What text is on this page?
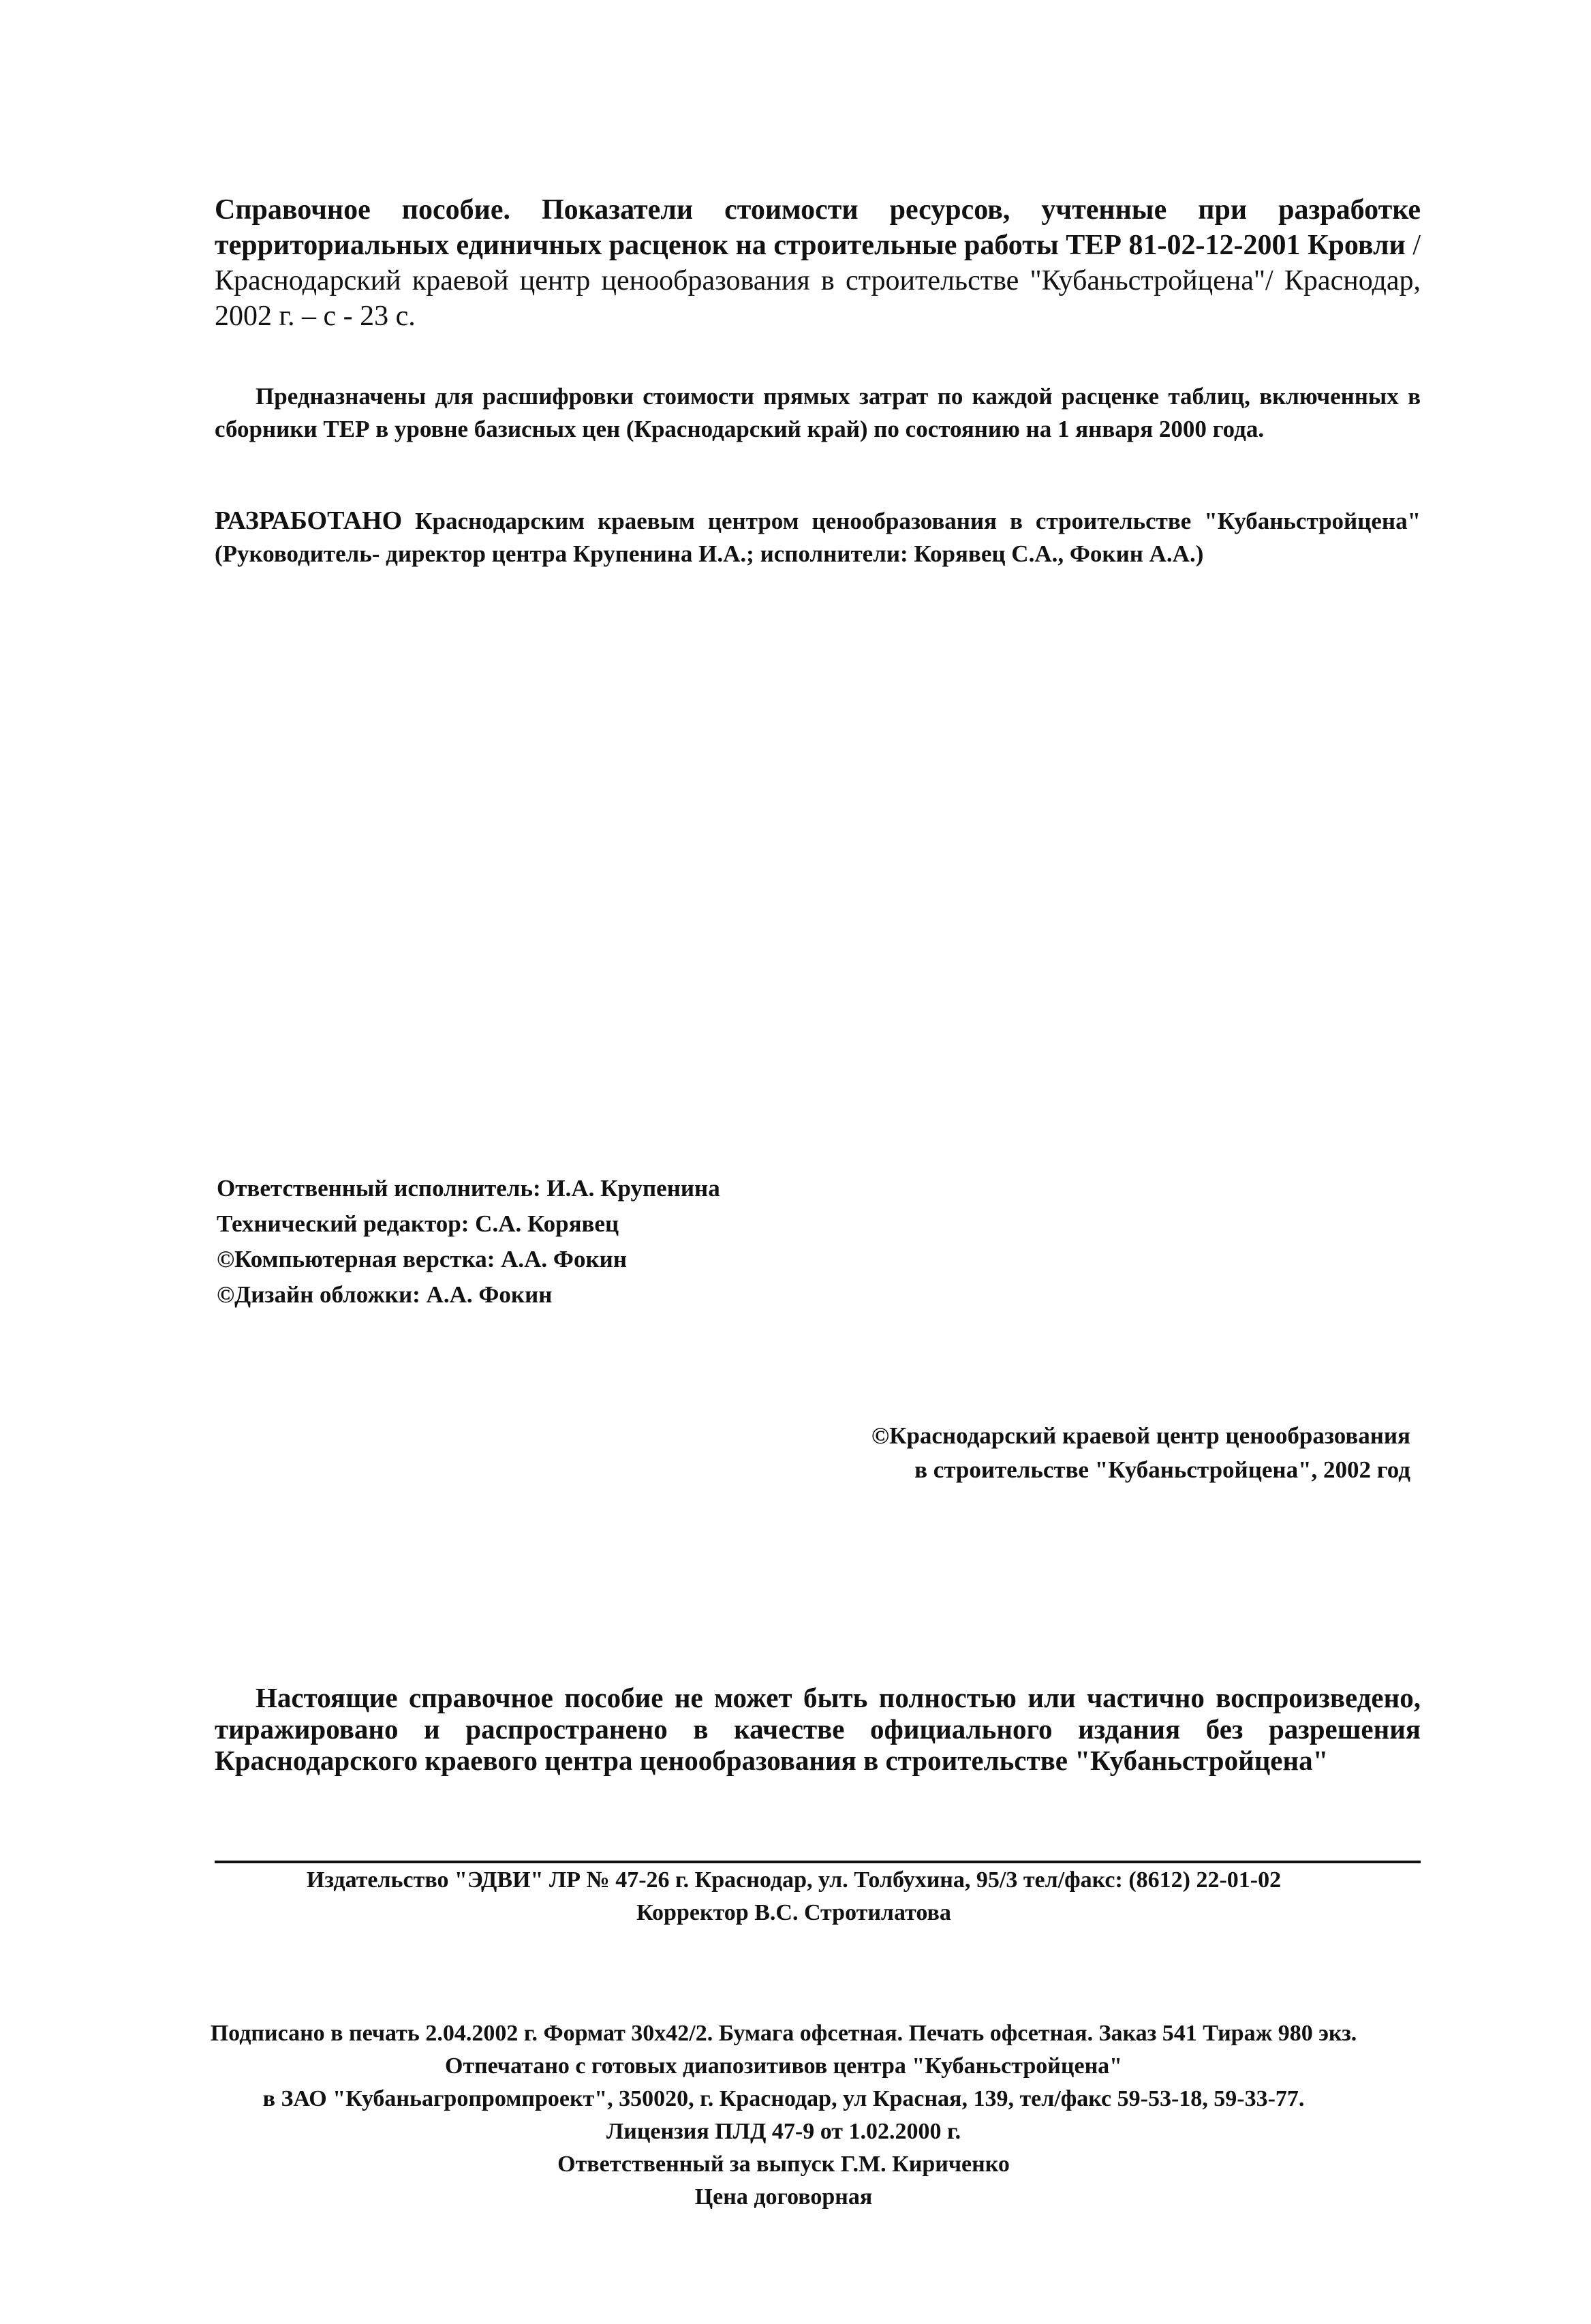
Справочное пособие. Показатели стоимости ресурсов, учтенные при разработке территориальных единичных расценок на строительные работы ТЕР 81-02-12-2001 Кровли /Краснодарский краевой центр ценообразования в строительстве "Кубаньстройцена"/ Краснодар, 2002 г. – с - 23 с.
Предназначены для расшифровки стоимости прямых затрат по каждой расценке таблиц, включенных в сборники ТЕР в уровне базисных цен (Краснодарский край) по состоянию на 1 января 2000 года.
РАЗРАБОТАНО Краснодарским краевым центром ценообразования в строительстве "Кубаньстройцена" (Руководитель- директор центра Крупенина И.А.; исполнители: Корявец С.А., Фокин А.А.)
Ответственный исполнитель: И.А. Крупенина
Технический редактор: С.А. Корявец
©Компьютерная верстка: А.А. Фокин
©Дизайн обложки: А.А. Фокин
©Краснодарский краевой центр ценообразования
в строительстве "Кубаньстройцена", 2002 год
Настоящие справочное пособие не может быть полностью или частично воспроизведено, тиражировано и распространено в качестве официального издания без разрешения Краснодарского краевого центра ценообразования в строительстве "Кубаньстройцена"
Издательство "ЭДВИ" ЛР № 47-26 г. Краснодар, ул. Толбухина, 95/3 тел/факс: (8612) 22-01-02
Корректор В.С. Стротилатова
Подписано в печать 2.04.2002 г. Формат 30x42/2. Бумага офсетная. Печать офсетная. Заказ 541 Тираж 980 экз.
Отпечатано с готовых диапозитивов центра "Кубаньстройцена"
в ЗАО "Кубаньагропромпроект", 350020, г. Краснодар, ул Красная, 139, тел/факс 59-53-18, 59-33-77.
Лицензия ПЛД 47-9 от 1.02.2000 г.
Ответственный за выпуск Г.М. Кириченко
Цена договорная
